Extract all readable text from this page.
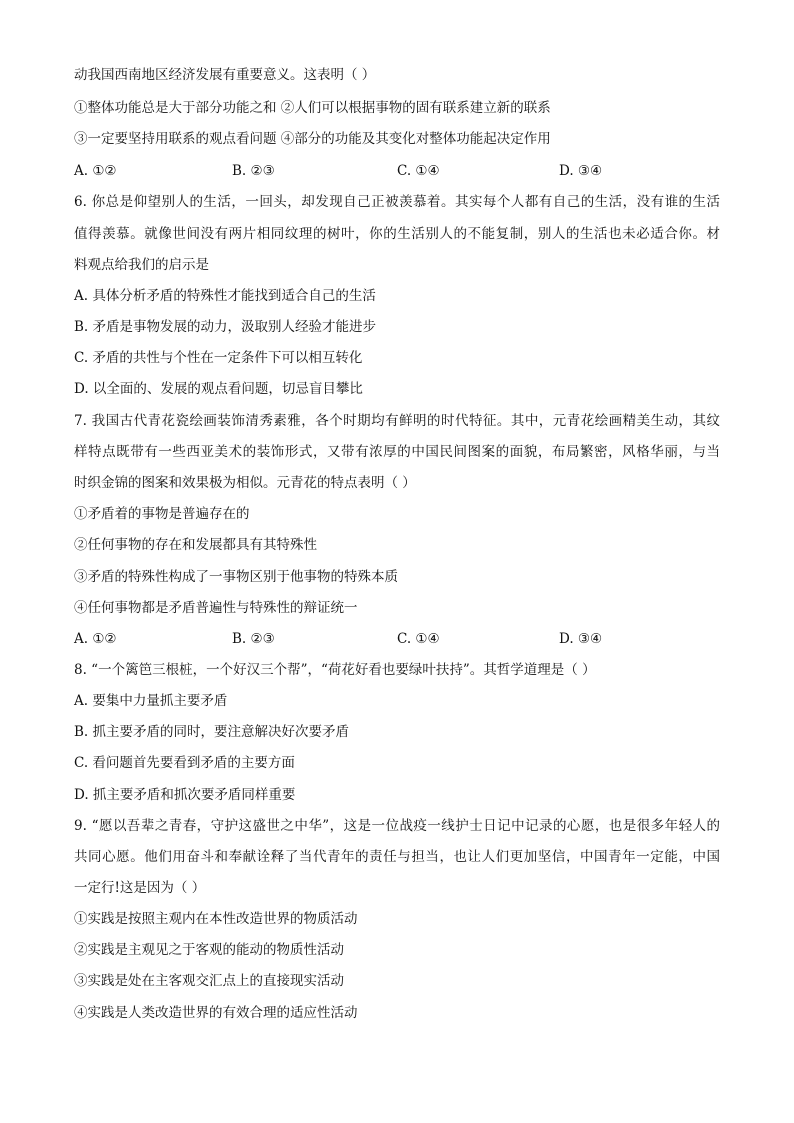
动我国西南地区经济发展有重要意义。这表明（ ）
①整体功能总是大于部分功能之和 ②人们可以根据事物的固有联系建立新的联系
③一定要坚持用联系的观点看问题 ④部分的功能及其变化对整体功能起决定作用
A. ①②	B. ②③	C. ①④	D. ③④
6. 你总是仰望别人的生活，一回头，却发现自己正被羡慕着。其实每个人都有自己的生活，没有谁的生活
值得羡慕。就像世间没有两片相同纹理的树叶，你的生活别人的不能复制，别人的生活也未必适合你。材
料观点给我们的启示是
A. 具体分析矛盾的特殊性才能找到适合自己的生活
B. 矛盾是事物发展的动力，汲取别人经验才能进步
C. 矛盾的共性与个性在一定条件下可以相互转化
D. 以全面的、发展的观点看问题，切忌盲目攀比
7. 我国古代青花瓷绘画装饰清秀素雅，各个时期均有鲜明的时代特征。其中，元青花绘画精美生动，其纹
样特点既带有一些西亚美术的装饰形式，又带有浓厚的中国民间图案的面貌，布局繁密，风格华丽，与当
时织金锦的图案和效果极为相似。元青花的特点表明（ ）
①矛盾着的事物是普遍存在的
②任何事物的存在和发展都具有其特殊性
③矛盾的特殊性构成了一事物区别于他事物的特殊本质
④任何事物都是矛盾普遍性与特殊性的辩证统一
A. ①②	B. ②③	C. ①④	D. ③④
8. “一个篱笆三根桩，一个好汉三个帮”，“荷花好看也要绿叶扶持”。其哲学道理是（ ）
A. 要集中力量抓主要矛盾
B. 抓主要矛盾的同时，要注意解决好次要矛盾
C. 看问题首先要看到矛盾的主要方面
D. 抓主要矛盾和抓次要矛盾同样重要
9. “愿以吾辈之青春，守护这盛世之中华”，这是一位战疫一线护士日记中记录的心愿，也是很多年轻人的
共同心愿。他们用奋斗和奉献诠释了当代青年的责任与担当，也让人们更加坚信，中国青年一定能，中国
一定行!这是因为（ ）
①实践是按照主观内在本性改造世界的物质活动
②实践是主观见之于客观的能动的物质性活动
③实践是处在主客观交汇点上的直接现实活动
④实践是人类改造世界的有效合理的适应性活动
